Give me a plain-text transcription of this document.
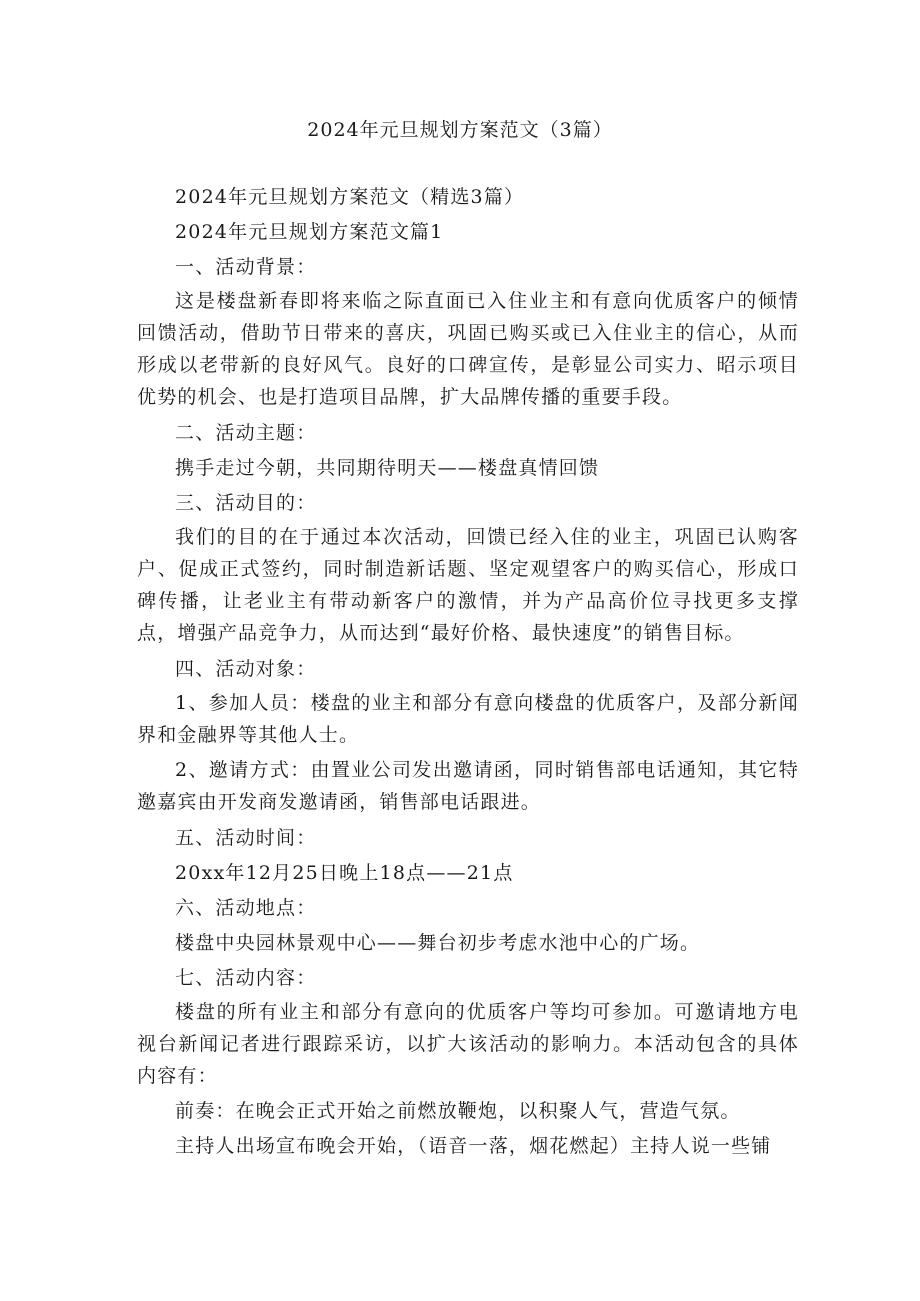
2024年元旦规划方案范文（3篇）

2024年元旦规划方案范文（精选3篇）

2024年元旦规划方案范文篇1

一、活动背景：

这是楼盘新春即将来临之际直面已入住业主和有意向优质客户的倾情回馈活动，借助节日带来的喜庆，巩固已购买或已入住业主的信心，从而形成以老带新的良好风气。良好的口碑宣传，是彰显公司实力、昭示项目优势的机会、也是打造项目品牌，扩大品牌传播的重要手段。

二、活动主题：

携手走过今朝，共同期待明天——楼盘真情回馈

三、活动目的：

我们的目的在于通过本次活动，回馈已经入住的业主，巩固已认购客户、促成正式签约，同时制造新话题、坚定观望客户的购买信心，形成口碑传播，让老业主有带动新客户的激情，并为产品高价位寻找更多支撑点，增强产品竞争力，从而达到“最好价格、最快速度”的销售目标。

四、活动对象：

1、参加人员：楼盘的业主和部分有意向楼盘的优质客户，及部分新闻界和金融界等其他人士。

2、邀请方式：由置业公司发出邀请函，同时销售部电话通知，其它特邀嘉宾由开发商发邀请函，销售部电话跟进。

五、活动时间：

20xx年12月25日晚上18点——21点

六、活动地点：

楼盘中央园林景观中心——舞台初步考虑水池中心的广场。

七、活动内容：

楼盘的所有业主和部分有意向的优质客户等均可参加。可邀请地方电视台新闻记者进行跟踪采访，以扩大该活动的影响力。本活动包含的具体内容有：

前奏：在晚会正式开始之前燃放鞭炮，以积聚人气，营造气氛。

主持人出场宣布晚会开始，（语音一落，烟花燃起）主持人说一些铺
